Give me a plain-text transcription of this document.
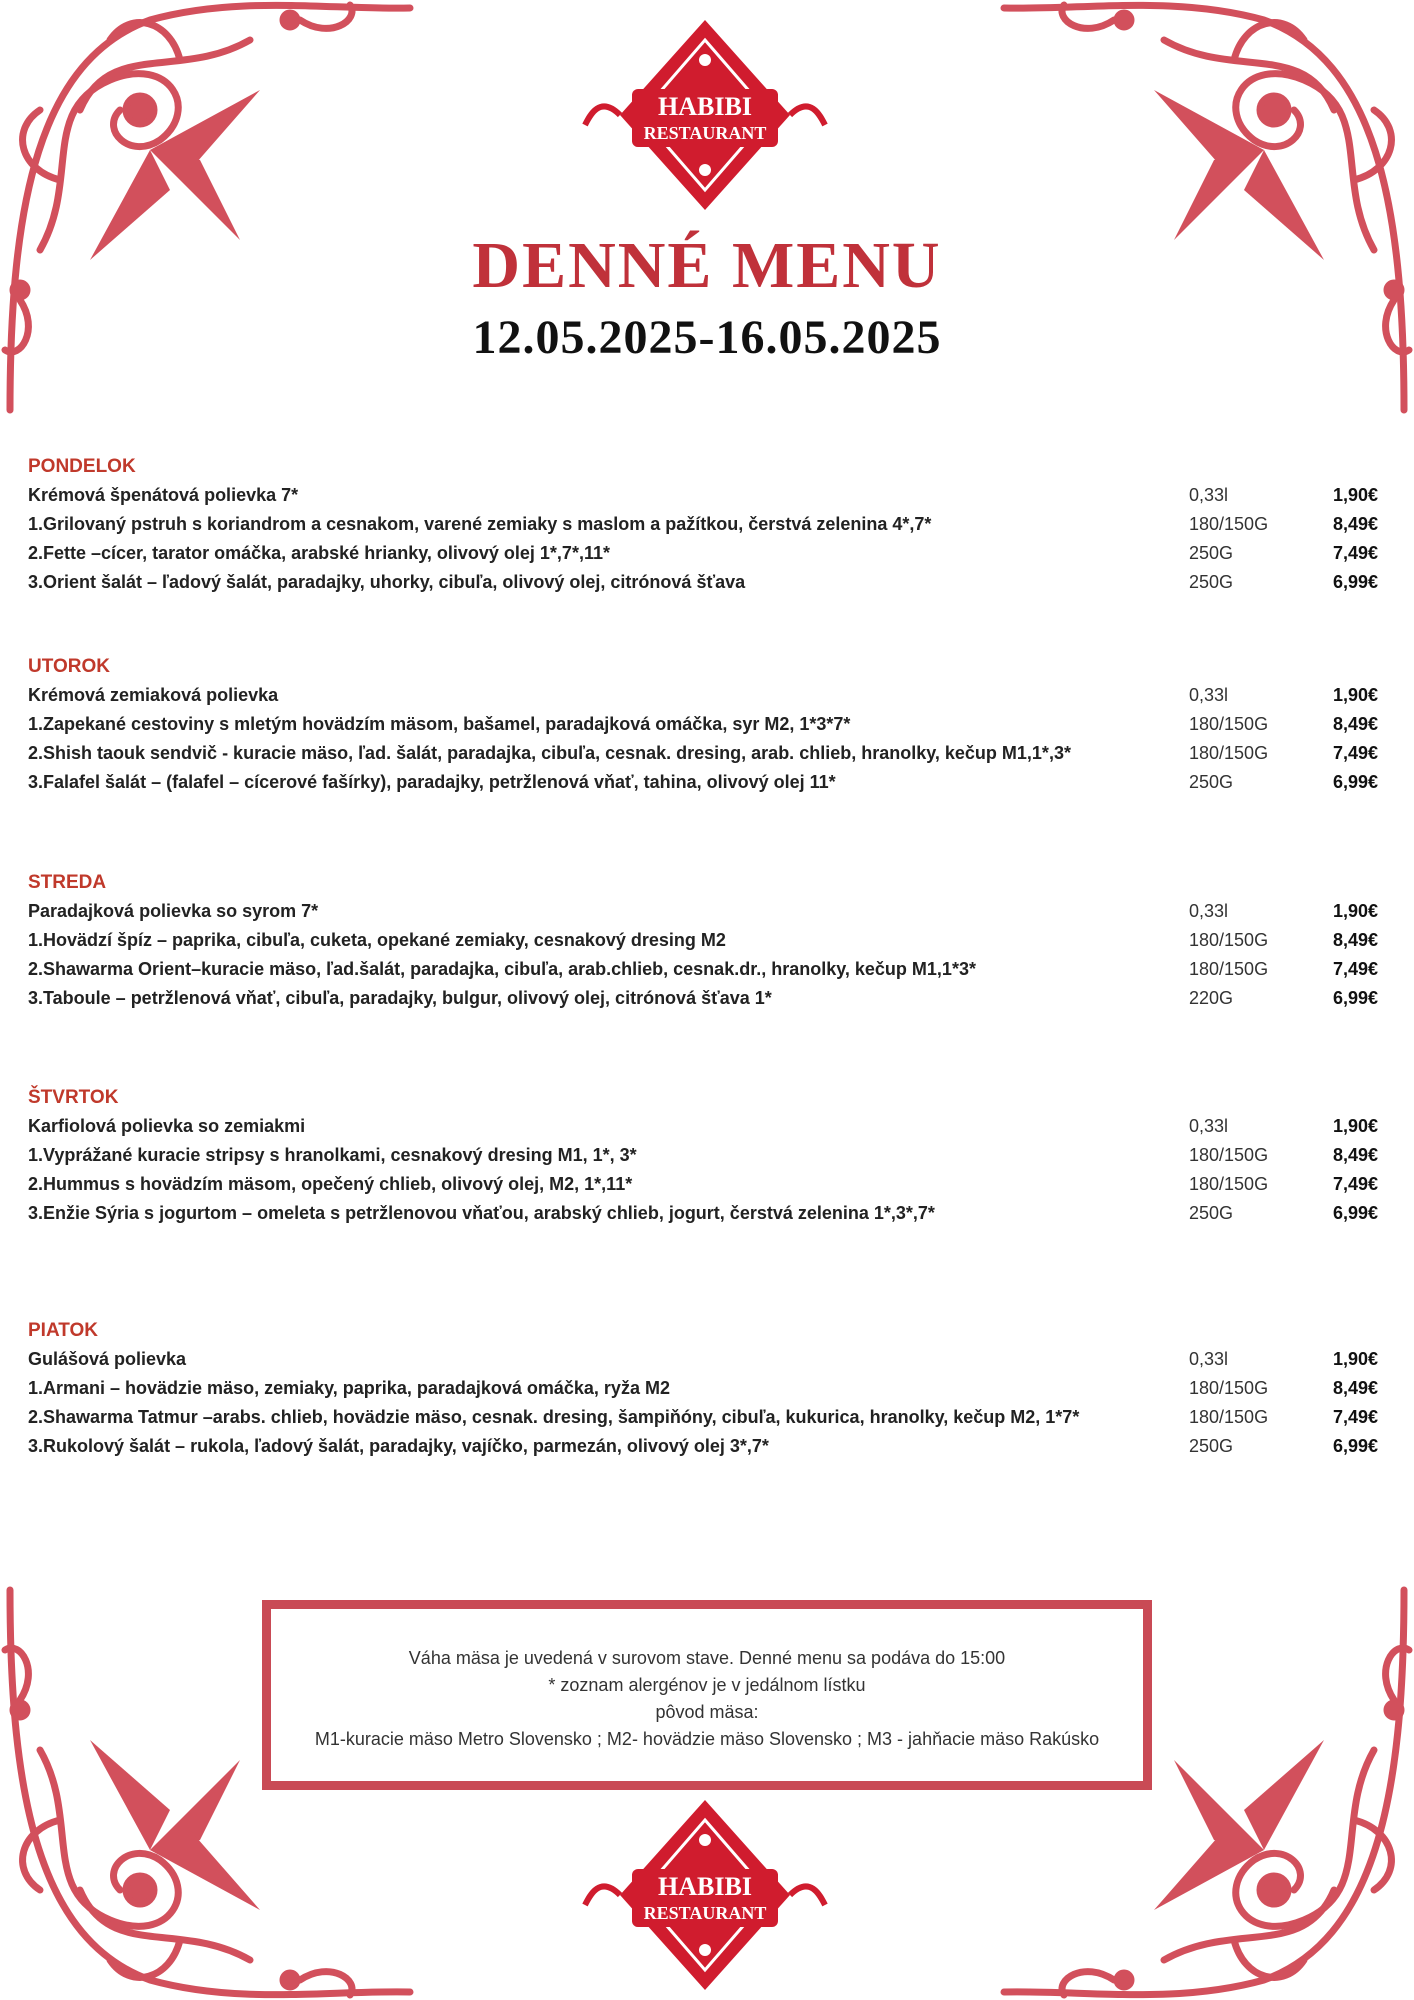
HABIBI
RESTAURANT
DENNÉ MENU
12.05.2025-16.05.2025
PONDELOK
Krémová špenátová polievka 7*	0,33l	1,90€
1.Grilovaný pstruh s koriandrom a cesnakom, varené zemiaky s maslom a pažítkou, čerstvá zelenina 4*,7*	180/150G	8,49€
2.Fette –cícer, tarator omáčka, arabské hrianky, olivový olej 1*,7*,11*	250G	7,49€
3.Orient šalát – ľadový šalát, paradajky, uhorky, cibuľa, olivový olej, citrónová šťava	250G	6,99€
UTOROK
Krémová zemiaková polievka	0,33l	1,90€
1.Zapekané cestoviny s mletým hovädzím mäsom, bašamel, paradajková omáčka, syr M2, 1*3*7*	180/150G	8,49€
2.Shish taouk sendvič - kuracie mäso, ľad. šalát, paradajka, cibuľa, cesnak. dresing, arab. chlieb, hranolky, kečup M1,1*,3*	180/150G	7,49€
3.Falafel šalát – (falafel – cícerové fašírky), paradajky, petržlenová vňať, tahina, olivový olej 11*	250G	6,99€
STREDA
Paradajková polievka so syrom 7*	0,33l	1,90€
1.Hovädzí špíz – paprika, cibuľa, cuketa, opekané zemiaky, cesnakový dresing M2	180/150G	8,49€
2.Shawarma Orient–kuracie mäso, ľad.šalát, paradajka, cibuľa, arab.chlieb, cesnak.dr., hranolky, kečup M1,1*3*	180/150G	7,49€
3.Taboule – petržlenová vňať, cibuľa, paradajky, bulgur, olivový olej, citrónová šťava 1*	220G	6,99€
ŠTVRTOK
Karfiolová polievka so zemiakmi	0,33l	1,90€
1.Vyprážané kuracie stripsy s hranolkami, cesnakový dresing M1, 1*, 3*	180/150G	8,49€
2.Hummus s hovädzím mäsom, opečený chlieb, olivový olej, M2, 1*,11*	180/150G	7,49€
3.Enžie Sýria s jogurtom – omeleta s petržlenovou vňaťou, arabský chlieb, jogurt, čerstvá zelenina 1*,3*,7*	250G	6,99€
PIATOK
Gulášová polievka	0,33l	1,90€
1.Armani – hovädzie mäso, zemiaky, paprika, paradajková omáčka, ryža M2	180/150G	8,49€
2.Shawarma Tatmur –arabs. chlieb, hovädzie mäso, cesnak. dresing, šampiňóny, cibuľa, kukurica, hranolky, kečup M2, 1*7*	180/150G	7,49€
3.Rukolový šalát – rukola, ľadový šalát, paradajky, vajíčko, parmezán, olivový olej 3*,7*	250G	6,99€
Váha mäsa je uvedená v surovom stave. Denné menu sa podáva do 15:00
* zoznam alergénov je v jedálnom lístku
pôvod mäsa:
M1-kuracie mäso Metro Slovensko ; M2- hovädzie mäso Slovensko ; M3 - jahňacie mäso Rakúsko
HABIBI
RESTAURANT
